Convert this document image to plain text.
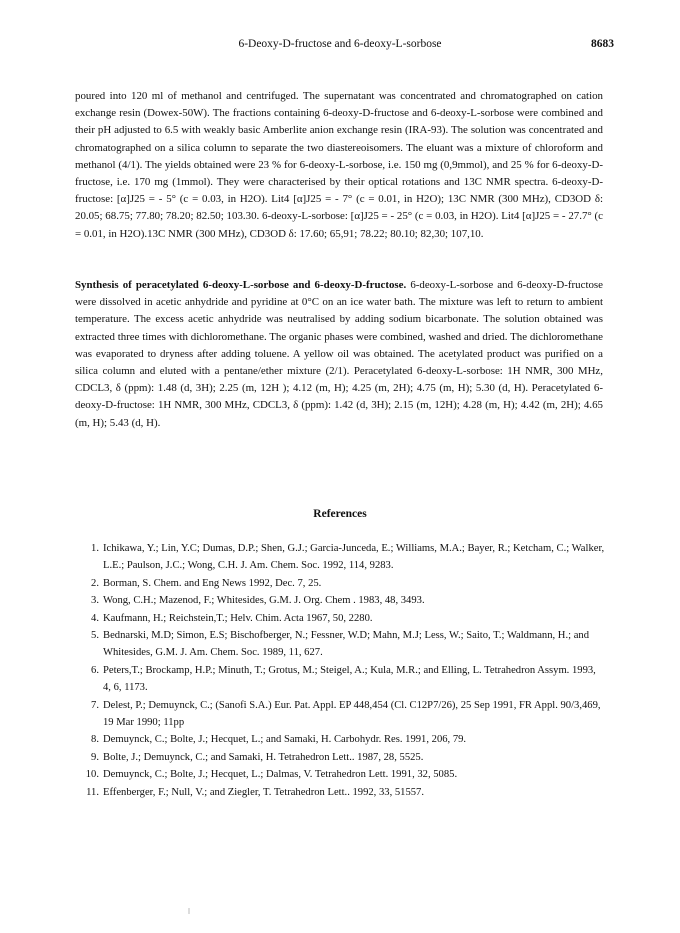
6-Deoxy-D-fructose and 6-deoxy-L-sorbose	8683

poured into 120 ml of methanol and centrifuged. The supernatant was concentrated and chromatographed on cation exchange resin (Dowex-50W). The fractions containing 6-deoxy-D-fructose and 6-deoxy-L-sorbose were combined and their pH adjusted to 6.5 with weakly basic Amberlite anion exchange resin (IRA-93). The solution was concentrated and chromatographed on a silica column to separate the two diastereoisomers. The eluant was a mixture of chloroform and methanol (4/1). The yields obtained were 23 % for 6-deoxy-L-sorbose, i.e. 150 mg (0,9mmol), and 25 % for 6-deoxy-D-fructose, i.e. 170 mg (1mmol). They were characterised by their optical rotations and 13C NMR spectra. 6-deoxy-D-fructose: [α]J25 = - 5° (c = 0.03, in H2O). Lit4 [α]J25 = - 7° (c = 0.01, in H2O); 13C NMR (300 MHz), CD3OD δ: 20.05; 68.75; 77.80; 78.20; 82.50; 103.30. 6-deoxy-L-sorbose: [α]J25 = - 25° (c = 0.03, in H2O). Lit4 [α]J25 = - 27.7° (c = 0.01, in H2O).13C NMR (300 MHz), CD3OD δ: 17.60; 65,91; 78.22; 80.10; 82,30; 107,10.

Synthesis of peracetylated 6-deoxy-L-sorbose and 6-deoxy-D-fructose. 6-deoxy-L-sorbose and 6-deoxy-D-fructose were dissolved in acetic anhydride and pyridine at 0°C on an ice water bath. The mixture was left to return to ambient temperature. The excess acetic anhydride was neutralised by adding sodium bicarbonate. The solution obtained was extracted three times with dichloromethane. The organic phases were combined, washed and dried. The dichloromethane was evaporated to dryness after adding toluene. A yellow oil was obtained. The acetylated product was purified on a silica column and eluted with a pentane/ether mixture (2/1). Peracetylated 6-deoxy-L-sorbose: 1H NMR, 300 MHz, CDCL3, δ (ppm): 1.48 (d, 3H); 2.25 (m, 12H ); 4.12 (m, H); 4.25 (m, 2H); 4.75 (m, H); 5.30 (d, H). Peracetylated 6-deoxy-D-fructose: 1H NMR, 300 MHz, CDCL3, δ (ppm): 1.42 (d, 3H); 2.15 (m, 12H); 4.28 (m, H); 4.42 (m, 2H); 4.65 (m, H); 5.43 (d, H).

References
1. Ichikawa, Y.; Lin, Y.C; Dumas, D.P.; Shen, G.J.; Garcia-Junceda, E.; Williams, M.A.; Bayer, R.; Ketcham, C.; Walker, L.E.; Paulson, J.C.; Wong, C.H. J. Am. Chem. Soc. 1992, 114, 9283.
2. Borman, S. Chem. and Eng News 1992, Dec. 7, 25.
3. Wong, C.H.; Mazenod, F.; Whitesides, G.M. J. Org. Chem . 1983, 48, 3493.
4. Kaufmann, H.; Reichstein,T.; Helv. Chim. Acta 1967, 50, 2280.
5. Bednarski, M.D; Simon, E.S; Bischofberger, N.; Fessner, W.D; Mahn, M.J; Less, W.; Saito, T.; Waldmann, H.; and Whitesides, G.M. J. Am. Chem. Soc. 1989, 11, 627.
6. Peters,T.; Brockamp, H.P.; Minuth, T.; Grotus, M.; Steigel, A.; Kula, M.R.; and Elling, L. Tetrahedron Assym. 1993, 4, 6, 1173.
7. Delest, P.; Demuynck, C.; (Sanofi S.A.) Eur. Pat. Appl. EP 448,454 (Cl. C12P7/26), 25 Sep 1991, FR Appl. 90/3,469, 19 Mar 1990; 11pp
8. Demuynck, C.; Bolte, J.; Hecquet, L.; and Samaki, H. Carbohydr. Res. 1991, 206, 79.
9. Bolte, J.; Demuynck, C.; and Samaki, H. Tetrahedron Lett.. 1987, 28, 5525.
10. Demuynck, C.; Bolte, J.; Hecquet, L.; Dalmas, V. Tetrahedron Lett. 1991, 32, 5085.
11. Effenberger, F.; Null, V.; and Ziegler, T. Tetrahedron Lett.. 1992, 33, 51557.
